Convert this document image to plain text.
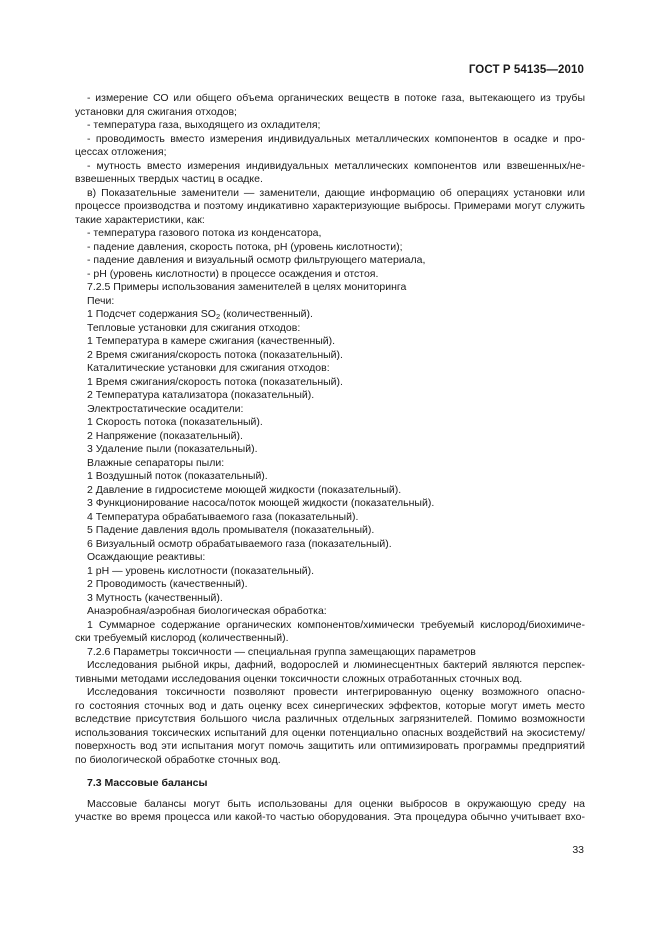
ГОСТ Р 54135—2010
- измерение СО или общего объема органических веществ в потоке газа, вытекающего из трубы
установки для сжигания отходов;
- температура газа, выходящего из охладителя;
- проводимость вместо измерения индивидуальных металлических компонентов в осадке и про-
цессах отложения;
- мутность вместо измерения индивидуальных металлических компонентов или взвешенных/не-
взвешенных твердых частиц в осадке.
в) Показательные заменители — заменители, дающие информацию об операциях установки или
процессе производства и поэтому индикативно характеризующие выбросы. Примерами могут служить
такие характеристики, как:
- температура газового потока из конденсатора,
- падение давления, скорость потока, pH (уровень кислотности);
- падение давления и визуальный осмотр фильтрующего материала,
- pH (уровень кислотности) в процессе осаждения и отстоя.
7.2.5 Примеры использования заменителей в целях мониторинга
Печи:
1 Подсчет содержания $SO_2$ (количественный).
Тепловые установки для сжигания отходов:
1 Температура в камере сжигания (качественный).
2 Время сжигания/скорость потока (показательный).
Каталитические установки для сжигания отходов:
1 Время сжигания/скорость потока (показательный).
2 Температура катализатора (показательный).
Электростатические осадители:
1 Скорость потока (показательный).
2 Напряжение (показательный).
3 Удаление пыли (показательный).
Влажные сепараторы пыли:
1 Воздушный поток (показательный).
2 Давление в гидросистеме моющей жидкости (показательный).
3 Функционирование насоса/поток моющей жидкости (показательный).
4 Температура обрабатываемого газа (показательный).
5 Падение давления вдоль промывателя (показательный).
6 Визуальный осмотр обрабатываемого газа (показательный).
Осаждающие реактивы:
1 pH — уровень кислотности (показательный).
2 Проводимость (качественный).
3 Мутность (качественный).
Анаэробная/аэробная биологическая обработка:
1 Суммарное содержание органических компонентов/химически требуемый кислород/биохимиче-
ски требуемый кислород (количественный).
7.2.6 Параметры токсичности — специальная группа замещающих параметров
Исследования рыбной икры, дафний, водорослей и люминесцентных бактерий являются перспек-
тивными методами исследования оценки токсичности сложных отработанных сточных вод.
Исследования токсичности позволяют провести интегрированную оценку возможного опасно-
го состояния сточных вод и дать оценку всех синергических эффектов, которые могут иметь место
вследствие присутствия большого числа различных отдельных загрязнителей. Помимо возможности
использования токсических испытаний для оценки потенциально опасных воздействий на экосистему/
поверхность вод эти испытания могут помочь защитить или оптимизировать программы предприятий
по биологической обработке сточных вод.
7.3 Массовые балансы
Массовые балансы могут быть использованы для оценки выбросов в окружающую среду на
участке во время процесса или какой-то частью оборудования. Эта процедура обычно учитывает вхо-
33
